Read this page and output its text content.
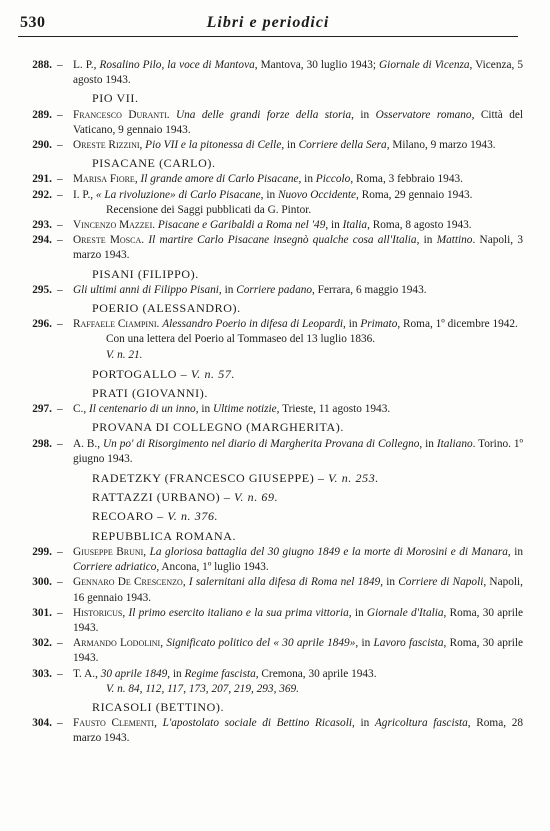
530	Libri e periodici
288. – L. P., Rosalino Pilo, la voce di Mantova, Mantova, 30 luglio 1943; Giornale di Vicenza, Vicenza, 5 agosto 1943.
PIO VII.
289. – Francesco Duranti. Una delle grandi forze della storia, in Osservatore romano, Città del Vaticano, 9 gennaio 1943.
290. – Oreste Rizzini, Pio VII e la pitonessa di Celle, in Corriere della Sera, Milano, 9 marzo 1943.
PISACANE (CARLO).
291. – Marisa Fiore, Il grande amore di Carlo Pisacane, in Piccolo, Roma, 3 febbraio 1943.
292. – I. P., « La rivoluzione» di Carlo Pisacane, in Nuovo Occidente, Roma, 29 gennaio 1943.
Recensione dei Saggi pubblicati da G. Pintor.
293. – Vincenzo Mazzei. Pisacane e Garibaldi a Roma nel '49, in Italia, Roma, 8 agosto 1943.
294. – Oreste Mosca. Il martire Carlo Pisacane insegnò qualche cosa all'Italia, in Mattino. Napoli, 3 marzo 1943.
PISANI (FILIPPO).
295. – Gli ultimi anni di Filippo Pisani, in Corriere padano, Ferrara, 6 maggio 1943.
POERIO (ALESSANDRO).
296. – Raffaele Ciampini. Alessandro Poerio in difesa di Leopardi, in Primato, Roma, 1º dicembre 1942.
Con una lettera del Poerio al Tommaseo del 13 luglio 1836.
V. n. 21.
PORTOGALLO – V. n. 57.
PRATI (GIOVANNI).
297. – C., Il centenario di un inno, in Ultime notizie, Trieste, 11 agosto 1943.
PROVANA DI COLLEGNO (MARGHERITA).
298. – A. B., Un po' di Risorgimento nel diario di Margherita Provana di Collegno, in Italiano. Torino. 1º giugno 1943.
RADETZKY (FRANCESCO GIUSEPPE) – V. n. 253.
RATTAZZI (URBANO) – V. n. 69.
RECOARO – V. n. 376.
REPUBBLICA ROMANA.
299. – Giuseppe Bruni, La gloriosa battaglia del 30 giugno 1849 e la morte di Morosini e di Manara, in Corriere adriatico, Ancona, 1º luglio 1943.
300. – Gennaro De Crescenzo, I salernitani alla difesa di Roma nel 1849, in Corriere di Napoli, Napoli, 16 gennaio 1943.
301. – Historicus, Il primo esercito italiano e la sua prima vittoria, in Giornale d'Italia, Roma, 30 aprile 1943.
302. – Armando Lodolini, Significato politico del « 30 aprile 1849», in Lavoro fascista, Roma, 30 aprile 1943.
303. – T. A., 30 aprile 1849, in Regime fascista, Cremona, 30 aprile 1943.
V. n. 84, 112, 117, 173, 207, 219, 293, 369.
RICASOLI (BETTINO).
304. – Fausto Clementi, L'apostolato sociale di Bettino Ricasoli, in Agricoltura fascista, Roma, 28 marzo 1943.
